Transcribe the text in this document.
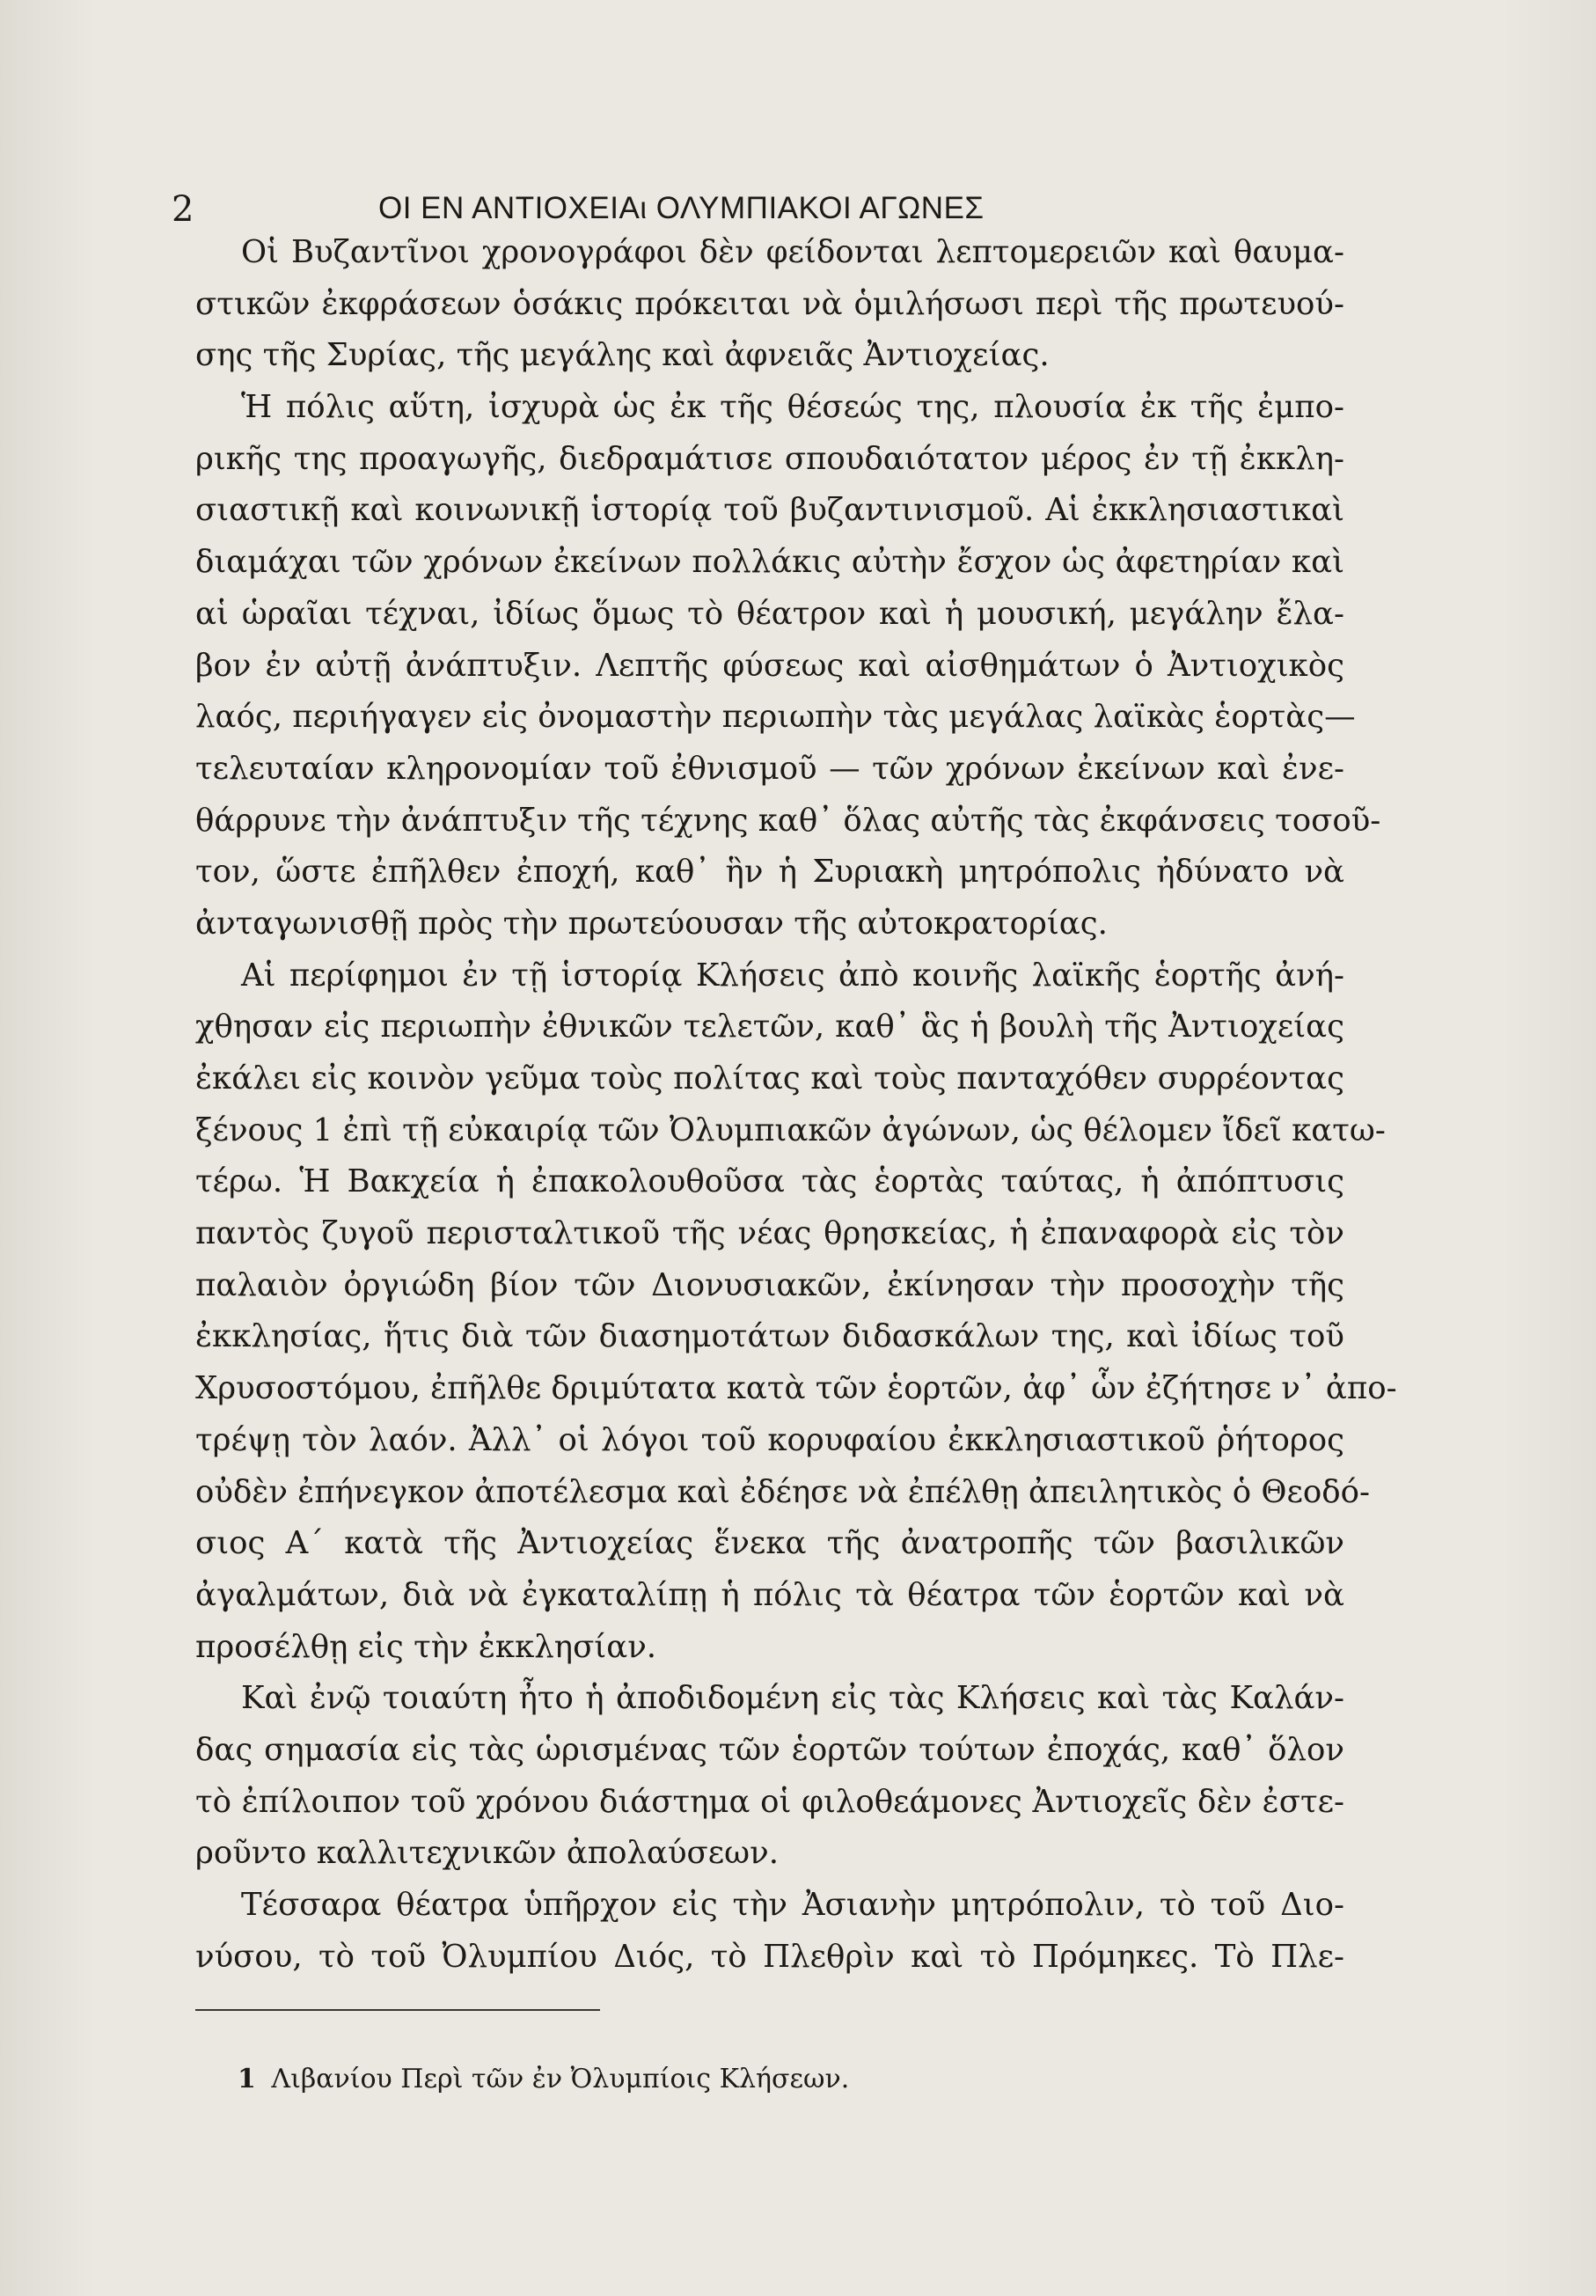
2	ΟΙ ΕΝ ΑΝΤΙΟΧΕΙΑι ΟΛΥΜΠΙΑΚΟΙ ΑΓΩΝΕΣ
Οἱ Βυζαντῖνοι χρονογράφοι δὲν φείδονται λεπτομερειῶν καὶ θαυμα-
στικῶν ἐκφράσεων ὁσάκις πρόκειται νὰ ὁμιλήσωσι περὶ τῆς πρωτευού-
σης τῆς Συρίας, τῆς μεγάλης καὶ ἀφνειᾶς Ἀντιοχείας.
Ἡ πόλις αὕτη, ἰσχυρὰ ὡς ἐκ τῆς θέσεώς της, πλουσία ἐκ τῆς ἐμπο-
ρικῆς της προαγωγῆς, διεδραμάτισε σπουδαιότατον μέρος ἐν τῇ ἐκκλη-
σιαστικῇ καὶ κοινωνικῇ ἱστορίᾳ τοῦ βυζαντινισμοῦ. Αἱ ἐκκλησιαστικαὶ
διαμάχαι τῶν χρόνων ἐκείνων πολλάκις αὐτὴν ἔσχον ὡς ἀφετηρίαν καὶ
αἱ ὡραῖαι τέχναι, ἰδίως ὅμως τὸ θέατρον καὶ ἡ μουσική, μεγάλην ἔλα-
βον ἐν αὐτῇ ἀνάπτυξιν. Λεπτῆς φύσεως καὶ αἰσθημάτων ὁ Ἀντιοχικὸς
λαός, περιήγαγεν εἰς ὀνομαστὴν περιωπὴν τὰς μεγάλας λαϊκὰς ἑορτὰς—
τελευταίαν κληρονομίαν τοῦ ἐθνισμοῦ — τῶν χρόνων ἐκείνων καὶ ἐνε-
θάρρυνε τὴν ἀνάπτυξιν τῆς τέχνης καθ᾽ ὅλας αὐτῆς τὰς ἐκφάνσεις τοσοῦ-
τον, ὥστε ἐπῆλθεν ἐποχή, καθ᾽ ἣν ἡ Συριακὴ μητρόπολις ἠδύνατο νὰ
ἀνταγωνισθῇ πρὸς τὴν πρωτεύουσαν τῆς αὐτοκρατορίας.
Αἱ περίφημοι ἐν τῇ ἱστορίᾳ Κλήσεις ἀπὸ κοινῆς λαϊκῆς ἑορτῆς ἀνή-
χθησαν εἰς περιωπὴν ἐθνικῶν τελετῶν, καθ᾽ ἃς ἡ βουλὴ τῆς Ἀντιοχείας
ἐκάλει εἰς κοινὸν γεῦμα τοὺς πολίτας καὶ τοὺς πανταχόθεν συρρέοντας
ξένους 1 ἐπὶ τῇ εὐκαιρίᾳ τῶν Ὀλυμπιακῶν ἀγώνων, ὡς θέλομεν ἴδεῖ κατω-
τέρω. Ἡ Βακχεία ἡ ἐπακολουθοῦσα τὰς ἑορτὰς ταύτας, ἡ ἀπόπτυσις
παντὸς ζυγοῦ περισταλτικοῦ τῆς νέας θρησκείας, ἡ ἐπαναφορὰ εἰς τὸν
παλαιὸν ὀργιώδη βίον τῶν Διονυσιακῶν, ἐκίνησαν τὴν προσοχὴν τῆς
ἐκκλησίας, ἥτις διὰ τῶν διασημοτάτων διδασκάλων της, καὶ ἰδίως τοῦ
Χρυσοστόμου, ἐπῆλθε δριμύτατα κατὰ τῶν ἑορτῶν, ἀφ᾽ ὧν ἐζήτησε ν᾽ ἀπο-
τρέψῃ τὸν λαόν. Ἀλλ᾽ οἱ λόγοι τοῦ κορυφαίου ἐκκλησιαστικοῦ ῥήτορος
οὐδὲν ἐπήνεγκον ἀποτέλεσμα καὶ ἐδέησε νὰ ἐπέλθῃ ἀπειλητικὸς ὁ Θεοδό-
σιος Α΄ κατὰ τῆς Ἀντιοχείας ἕνεκα τῆς ἀνατροπῆς τῶν βασιλικῶν
ἀγαλμάτων, διὰ νὰ ἐγκαταλίπῃ ἡ πόλις τὰ θέατρα τῶν ἑορτῶν καὶ νὰ
προσέλθῃ εἰς τὴν ἐκκλησίαν.
Καὶ ἐνῷ τοιαύτη ἦτο ἡ ἀποδιδομένη εἰς τὰς Κλήσεις καὶ τὰς Καλάν-
δας σημασία εἰς τὰς ὡρισμένας τῶν ἑορτῶν τούτων ἐποχάς, καθ᾽ ὅλον
τὸ ἐπίλοιπον τοῦ χρόνου διάστημα οἱ φιλοθεάμονες Ἀντιοχεῖς δὲν ἐστε-
ροῦντο καλλιτεχνικῶν ἀπολαύσεων.
Τέσσαρα θέατρα ὑπῆρχον εἰς τὴν Ἀσιανὴν μητρόπολιν, τὸ τοῦ Διο-
νύσου, τὸ τοῦ Ὀλυμπίου Διός, τὸ Πλεθρὶν καὶ τὸ Πρόμηκες. Τὸ Πλε-
1 Λιβανίου Περὶ τῶν ἐν Ὀλυμπίοις Κλήσεων.
